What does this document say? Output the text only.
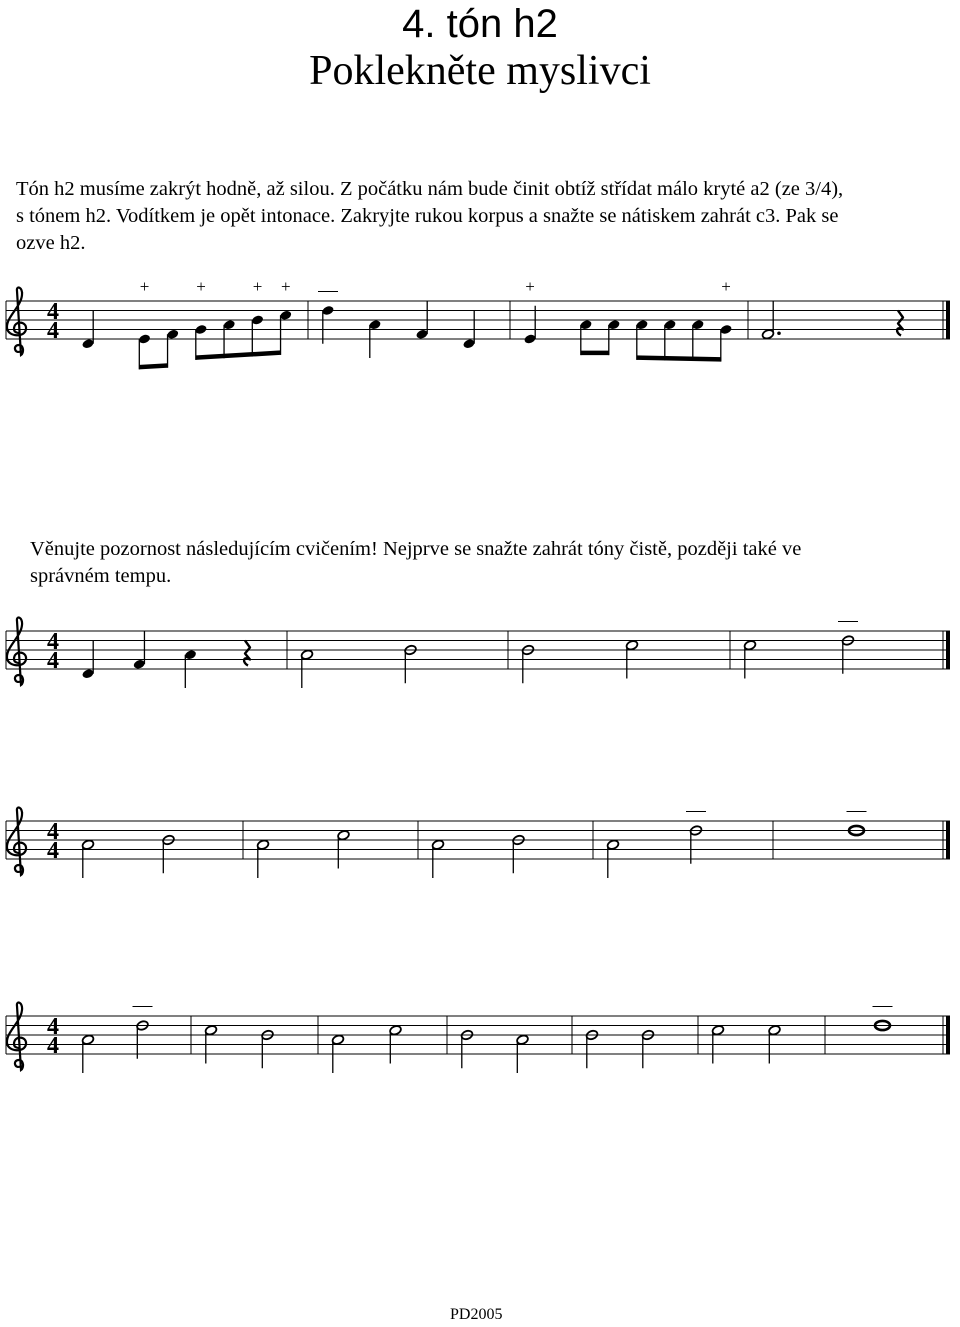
4. tón h2
Poklekněte myslivci

Tón h2 musíme zakrýt hodně, až silou. Z počátku nám bude činit obtíž střídat málo kryté a2 (ze 3/4),

s tónem h2. Vodítkem je opět intonace. Zakryjte rukou korpus a snažte se nátiskem zahrát c3. Pak se

ozve h2.

4
4
+	+	+ +	+	+

Věnujte pozornost následujícím cvičením! Nejprve se snažte zahrát tóny čistě, později také ve

správném tempu.

4
4
4
4
4
4
PD2005
